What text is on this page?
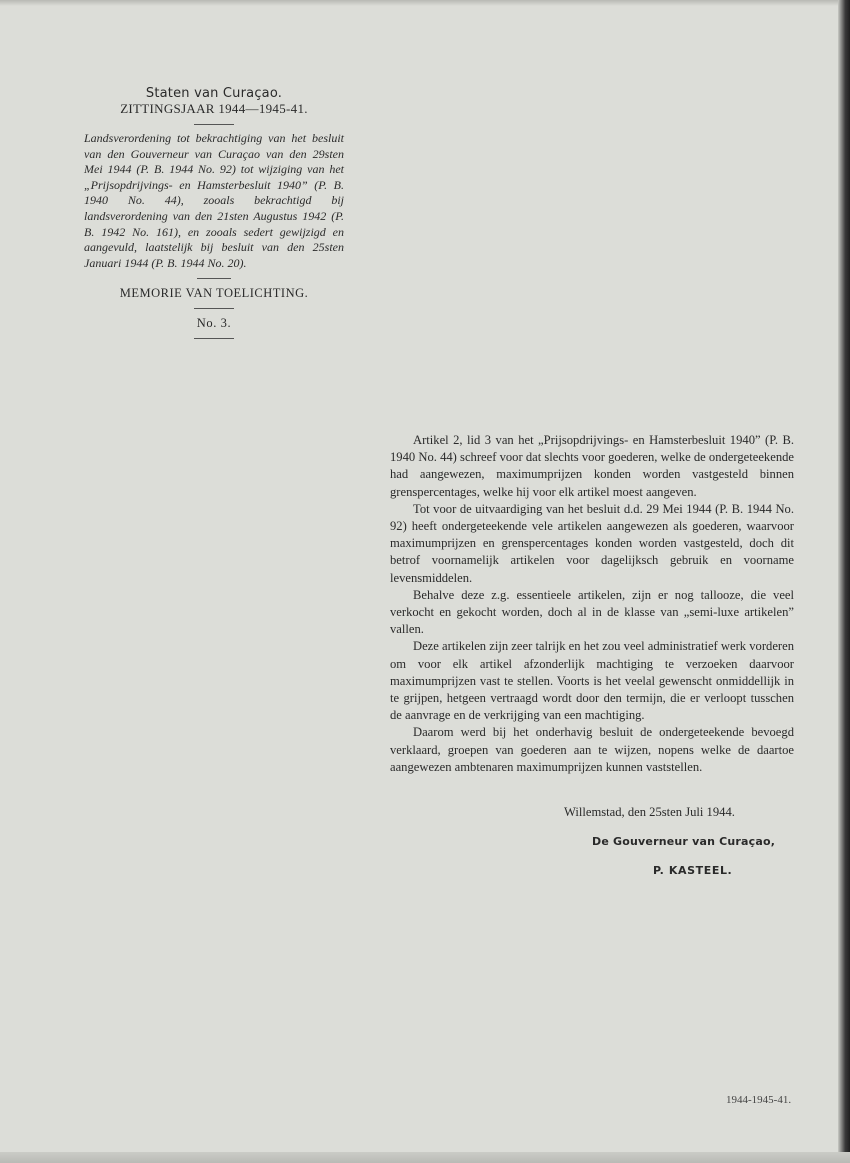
Staten van Curaçao.

ZITTINGSJAAR 1944—1945-41.

Landsverordening tot bekrachtiging van het besluit van den Gouverneur van Curaçao van den 29sten Mei 1944 (P. B. 1944 No. 92) tot wijziging van het „Prijsopdrijvings- en Hamsterbesluit 1940” (P. B. 1940 No. 44), zooals bekrachtigd bij landsverordening van den 21sten Augustus 1942 (P. B. 1942 No. 161), en zooals sedert gewijzigd en aangevuld, laatstelijk bij besluit van den 25sten Januari 1944 (P. B. 1944 No. 20).

MEMORIE VAN TOELICHTING.

No. 3.

Artikel 2, lid 3 van het „Prijsopdrijvings- en Hamsterbesluit 1940” (P. B. 1940 No. 44) schreef voor dat slechts voor goederen, welke de ondergeteekende had aangewezen, maximumprijzen konden worden vastgesteld binnen grenspercentages, welke hij voor elk artikel moest aangeven.

Tot voor de uitvaardiging van het besluit d.d. 29 Mei 1944 (P. B. 1944 No. 92) heeft ondergeteekende vele artikelen aangewezen als goederen, waarvoor maximumprijzen en grenspercentages konden worden vastgesteld, doch dit betrof voornamelijk artikelen voor dagelijksch gebruik en voorname levensmiddelen.

Behalve deze z.g. essentieele artikelen, zijn er nog tallooze, die veel verkocht en gekocht worden, doch al in de klasse van „semi-luxe artikelen” vallen.

Deze artikelen zijn zeer talrijk en het zou veel administratief werk vorderen om voor elk artikel afzonderlijk machtiging te verzoeken daarvoor maximumprijzen vast te stellen. Voorts is het veelal gewenscht onmiddellijk in te grijpen, hetgeen vertraagd wordt door den termijn, die er verloopt tusschen de aanvrage en de verkrijging van een machtiging.

Daarom werd bij het onderhavig besluit de ondergeteekende bevoegd verklaard, groepen van goederen aan te wijzen, nopens welke de daartoe aangewezen ambtenaren maximumprijzen kunnen vaststellen.

Willemstad, den 25sten Juli 1944.
De Gouverneur van Curaçao,
P. KASTEEL.
1944-1945-41.
